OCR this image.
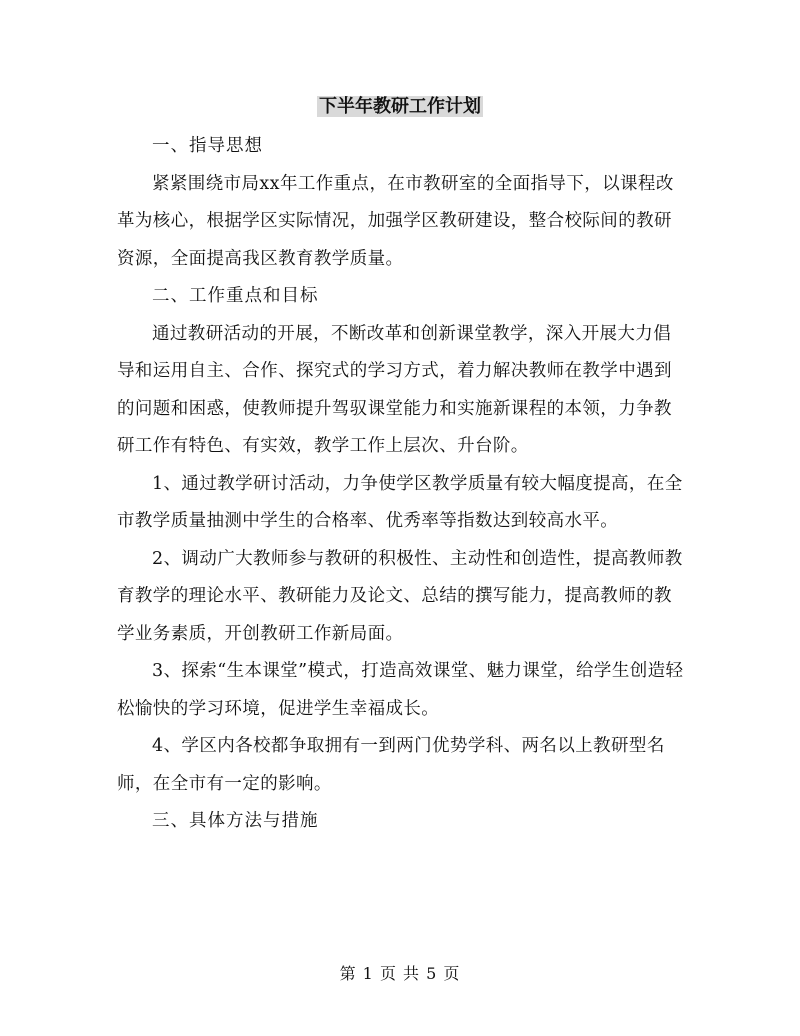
下半年教研工作计划

一、指导思想

紧紧围绕市局xx年工作重点，在市教研室的全面指导下，以课程改革为核心，根据学区实际情况，加强学区教研建设，整合校际间的教研资源，全面提高我区教育教学质量。

二、工作重点和目标

通过教研活动的开展，不断改革和创新课堂教学，深入开展大力倡导和运用自主、合作、探究式的学习方式，着力解决教师在教学中遇到的问题和困惑，使教师提升驾驭课堂能力和实施新课程的本领，力争教研工作有特色、有实效，教学工作上层次、升台阶。

1、通过教学研讨活动，力争使学区教学质量有较大幅度提高，在全市教学质量抽测中学生的合格率、优秀率等指数达到较高水平。

2、调动广大教师参与教研的积极性、主动性和创造性，提高教师教育教学的理论水平、教研能力及论文、总结的撰写能力，提高教师的教学业务素质，开创教研工作新局面。

3、探索“生本课堂”模式，打造高效课堂、魅力课堂，给学生创造轻松愉快的学习环境，促进学生幸福成长。

4、学区内各校都争取拥有一到两门优势学科、两名以上教研型名师，在全市有一定的影响。

三、具体方法与措施

第 1 页 共 5 页
